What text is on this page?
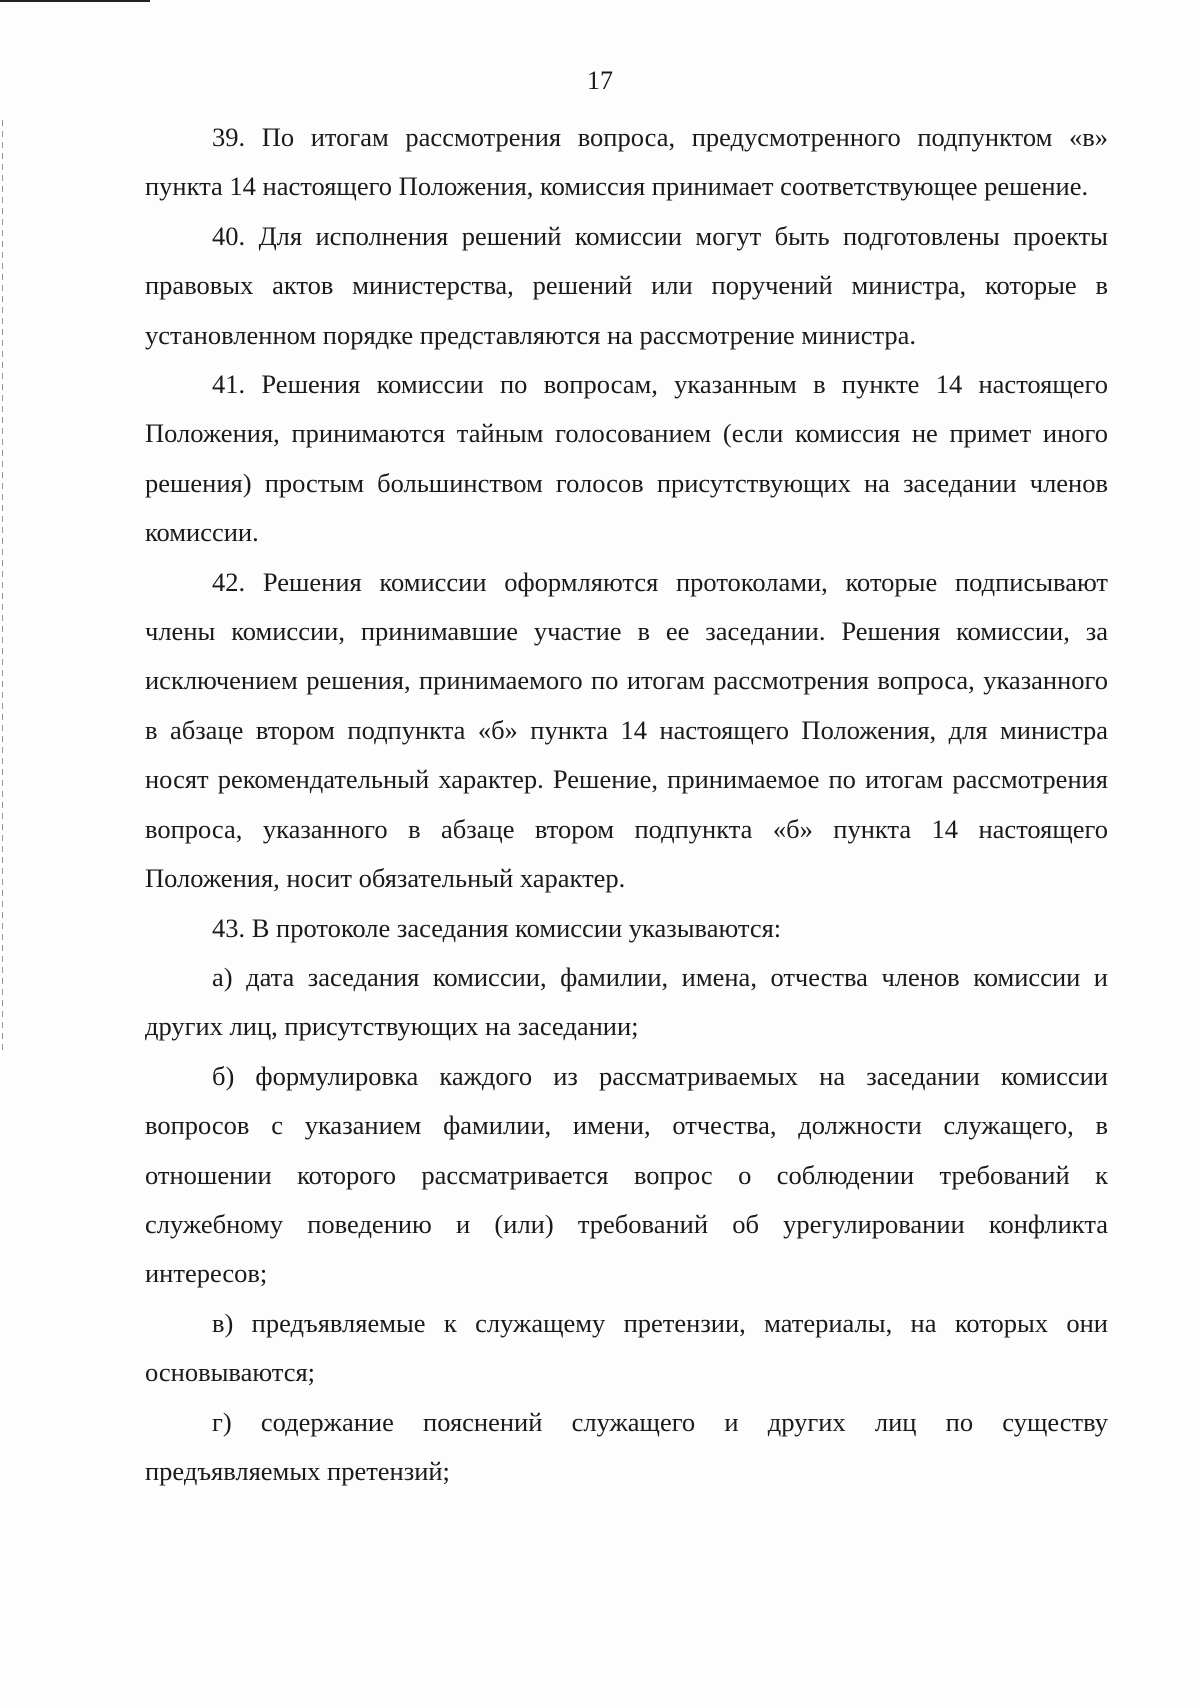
17

39. По итогам рассмотрения вопроса, предусмотренного подпунктом «в» пункта 14 настоящего Положения, комиссия принимает соответствующее решение.

40. Для исполнения решений комиссии могут быть подготовлены проекты правовых актов министерства, решений или поручений министра, которые в установленном порядке представляются на рассмотрение министра.

41. Решения комиссии по вопросам, указанным в пункте 14 настоящего Положения, принимаются тайным голосованием (если комиссия не примет иного решения) простым большинством голосов присутствующих на заседании членов комиссии.

42. Решения комиссии оформляются протоколами, которые подписывают члены комиссии, принимавшие участие в ее заседании. Решения комиссии, за исключением решения, принимаемого по итогам рассмотрения вопроса, указанного в абзаце втором подпункта «б» пункта 14 настоящего Положения, для министра носят рекомендательный характер. Решение, принимаемое по итогам рассмотрения вопроса, указанного в абзаце втором подпункта «б» пункта 14 настоящего Положения, носит обязательный характер.

43. В протоколе заседания комиссии указываются:

а) дата заседания комиссии, фамилии, имена, отчества членов комиссии и других лиц, присутствующих на заседании;

б) формулировка каждого из рассматриваемых на заседании комиссии вопросов с указанием фамилии, имени, отчества, должности служащего, в отношении которого рассматривается вопрос о соблюдении требований к служебному поведению и (или) требований об урегулировании конфликта интересов;

в) предъявляемые к служащему претензии, материалы, на которых они основываются;

г) содержание пояснений служащего и других лиц по существу предъявляемых претензий;
